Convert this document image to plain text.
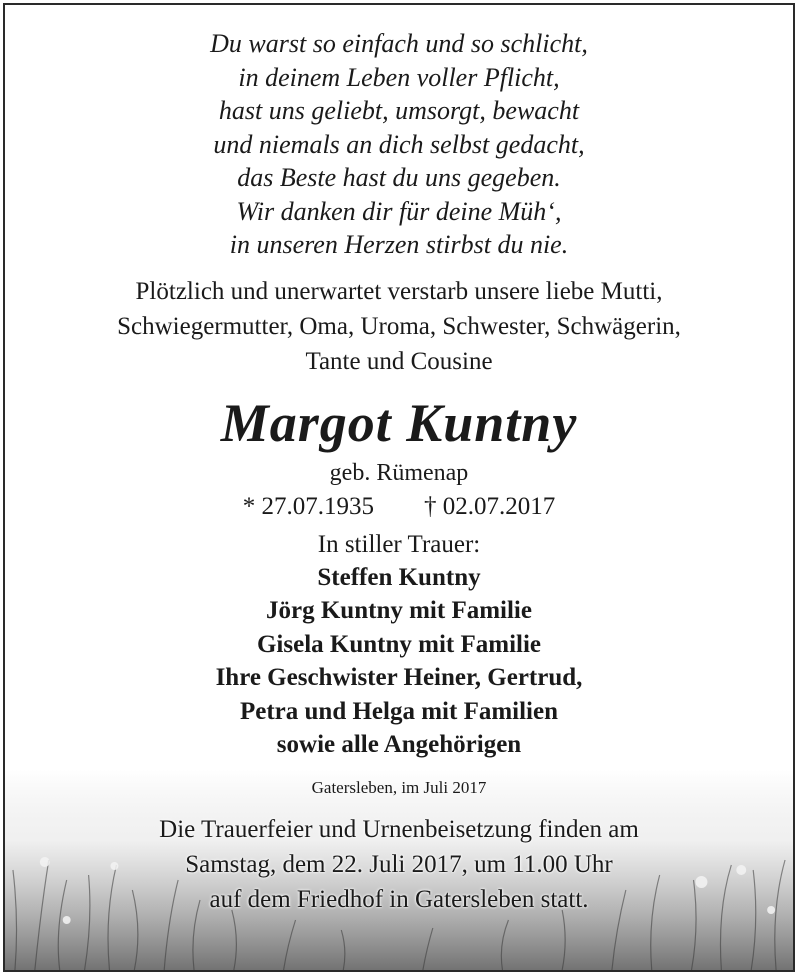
Du warst so einfach und so schlicht,
in deinem Leben voller Pflicht,
hast uns geliebt, umsorgt, bewacht
und niemals an dich selbst gedacht,
das Beste hast du uns gegeben.
Wir danken dir für deine Müh‘,
in unseren Herzen stirbst du nie.
Plötzlich und unerwartet verstarb unsere liebe Mutti,
Schwiegermutter, Oma, Uroma, Schwester, Schwägerin,
Tante und Cousine
Margot Kuntny
geb. Rümenap
* 27.07.1935 † 02.07.2017
In stiller Trauer:
Steffen Kuntny
Jörg Kuntny mit Familie
Gisela Kuntny mit Familie
Ihre Geschwister Heiner, Gertrud,
Petra und Helga mit Familien
sowie alle Angehörigen
Gatersleben, im Juli 2017
Die Trauerfeier und Urnenbeisetzung finden am
Samstag, dem 22. Juli 2017, um 11.00 Uhr
auf dem Friedhof in Gatersleben statt.
